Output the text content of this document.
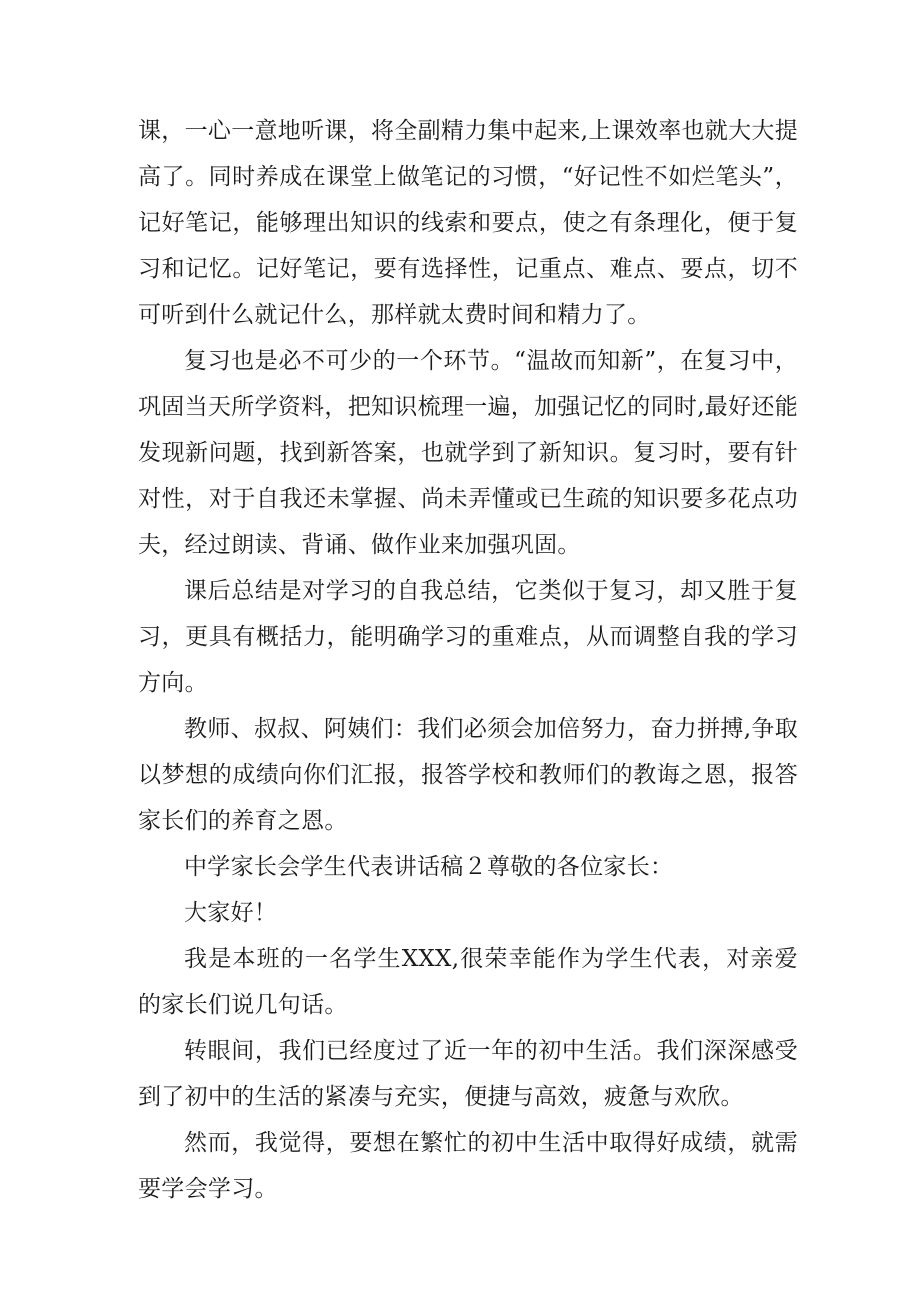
课，一心一意地听课，将全副精力集中起来,上课效率也就大大提高了。同时养成在课堂上做笔记的习惯，“好记性不如烂笔头”，记好笔记，能够理出知识的线索和要点，使之有条理化，便于复习和记忆。记好笔记，要有选择性，记重点、难点、要点，切不可听到什么就记什么，那样就太费时间和精力了。

复习也是必不可少的一个环节。“温故而知新”，在复习中，巩固当天所学资料，把知识梳理一遍，加强记忆的同时,最好还能发现新问题，找到新答案，也就学到了新知识。复习时，要有针对性，对于自我还未掌握、尚未弄懂或已生疏的知识要多花点功夫，经过朗读、背诵、做作业来加强巩固。

课后总结是对学习的自我总结，它类似于复习，却又胜于复习，更具有概括力，能明确学习的重难点，从而调整自我的学习方向。

教师、叔叔、阿姨们：我们必须会加倍努力，奋力拼搏,争取以梦想的成绩向你们汇报，报答学校和教师们的教诲之恩，报答家长们的养育之恩。

中学家长会学生代表讲话稿２尊敬的各位家长：

大家好！

我是本班的一名学生XXX,很荣幸能作为学生代表，对亲爱的家长们说几句话。

转眼间，我们已经度过了近一年的初中生活。我们深深感受到了初中的生活的紧凑与充实，便捷与高效，疲惫与欢欣。

然而，我觉得，要想在繁忙的初中生活中取得好成绩，就需要学会学习。
